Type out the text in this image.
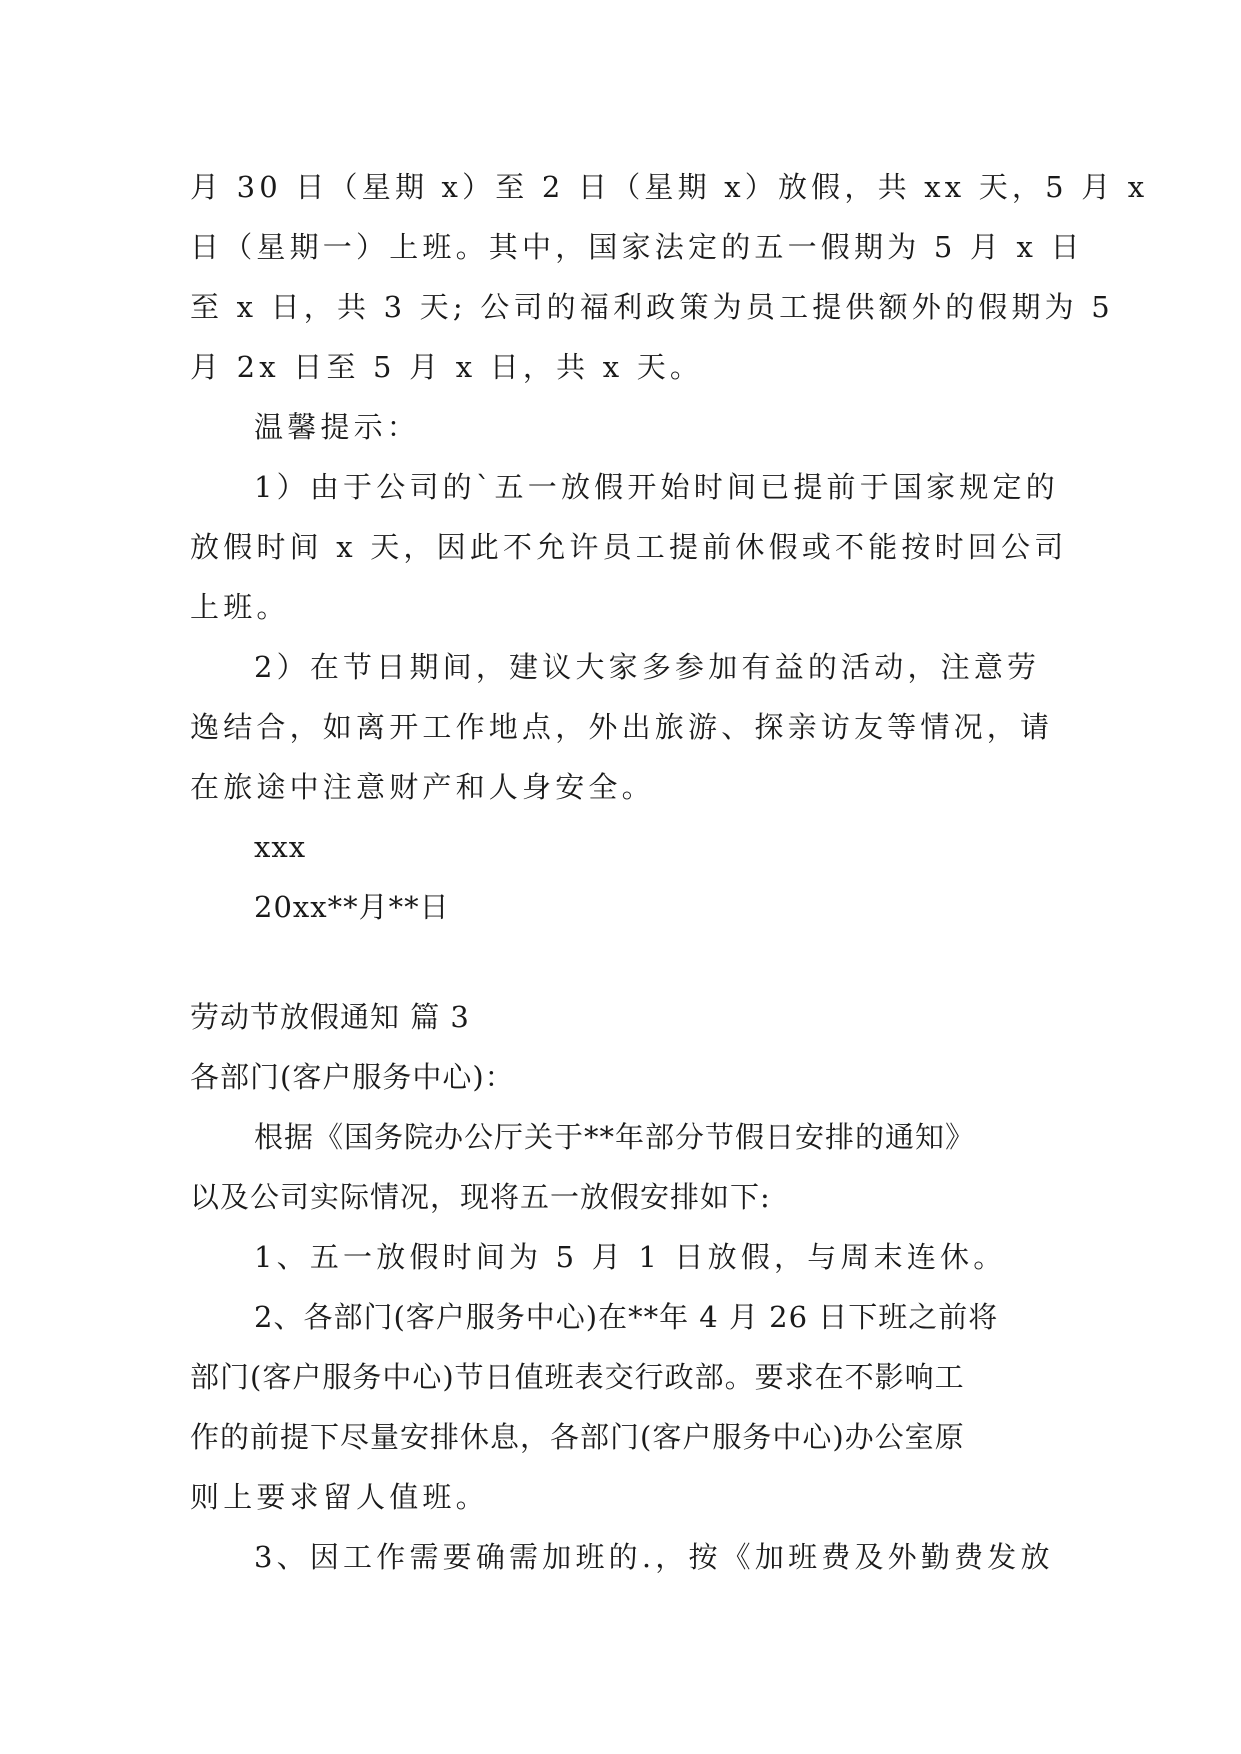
月 30 日（星期 x）至 2 日（星期 x）放假，共 xx 天，5 月 x
日（星期一）上班。其中，国家法定的五一假期为 5 月 x 日
至 x 日，共 3 天; 公司的福利政策为员工提供额外的假期为 5
月 2x 日至 5 月 x 日，共 x 天。
温馨提示：
1）由于公司的`五一放假开始时间已提前于国家规定的
放假时间 x 天，因此不允许员工提前休假或不能按时回公司
上班。
2）在节日期间，建议大家多参加有益的活动，注意劳
逸结合，如离开工作地点，外出旅游、探亲访友等情况，请
在旅途中注意财产和人身安全。
xxx
20xx**月**日
劳动节放假通知 篇 3
各部门(客户服务中心)：
根据《国务院办公厅关于**年部分节假日安排的通知》
以及公司实际情况，现将五一放假安排如下:
1、五一放假时间为 5 月 1 日放假，与周末连休。
2、各部门(客户服务中心)在**年 4 月 26 日下班之前将
部门(客户服务中心)节日值班表交行政部。要求在不影响工
作的前提下尽量安排休息，各部门(客户服务中心)办公室原
则上要求留人值班。
3、因工作需要确需加班的.，按《加班费及外勤费发放
